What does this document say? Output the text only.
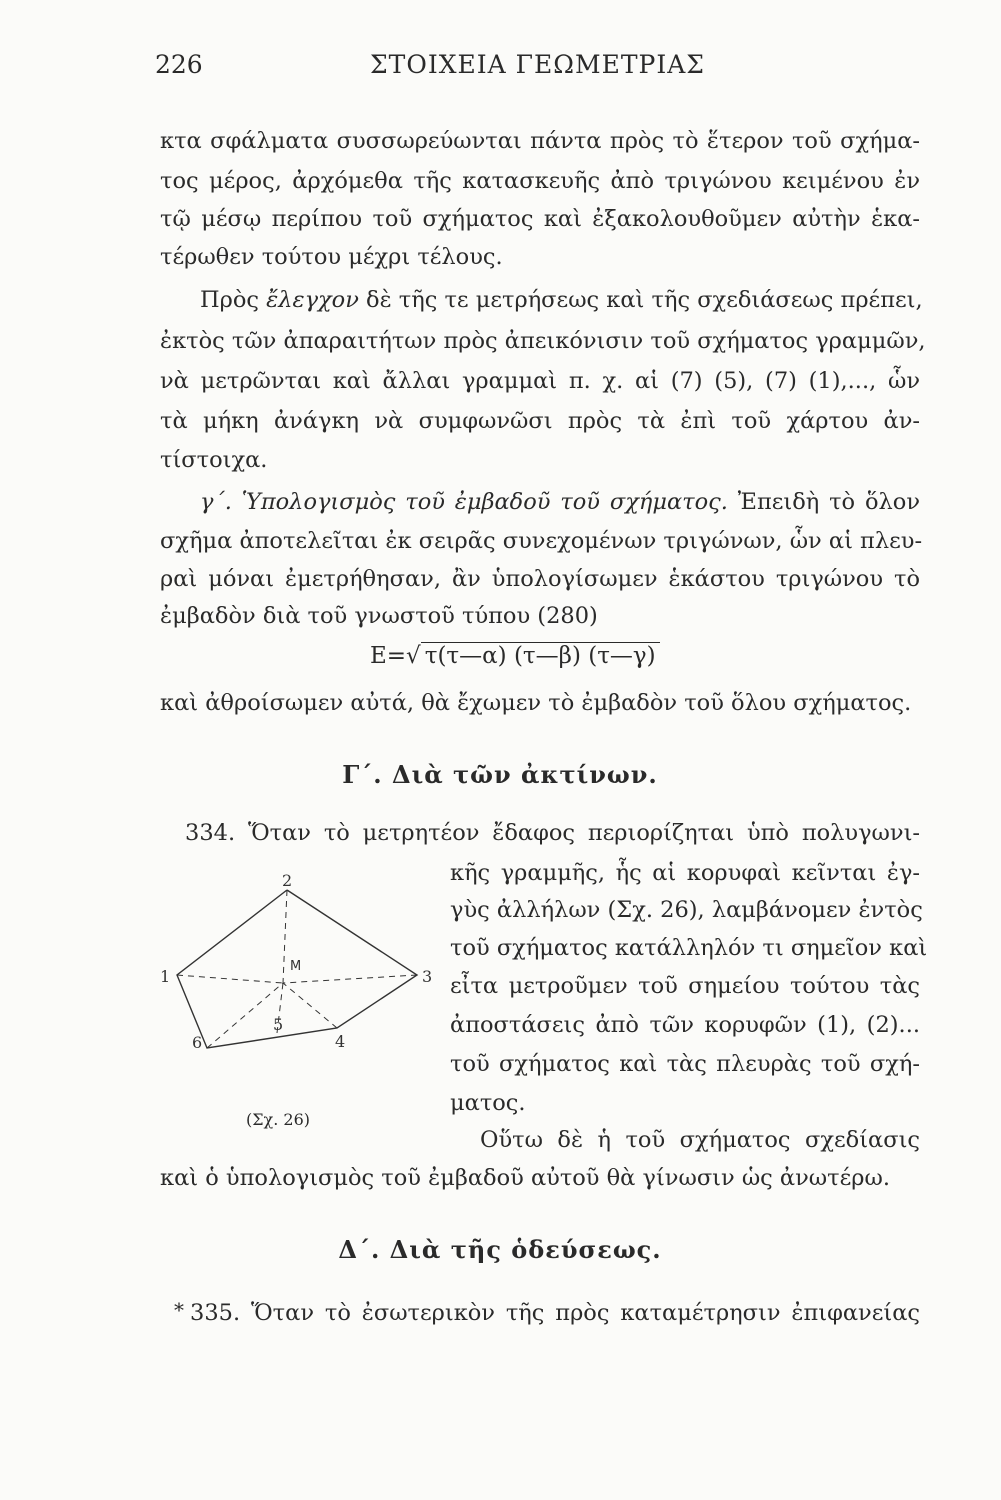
226	ΣΤΟΙΧΕΙΑ ΓΕΩΜΕΤΡΙΑΣ
κτα σφάλματα συσσωρεύωνται πάντα πρὸς τὸ ἕτερον τοῦ σχήμα-
τος μέρος, ἀρχόμεθα τῆς κατασκευῆς ἀπὸ τριγώνου κειμένου ἐν
τῷ μέσῳ περίπου τοῦ σχήματος καὶ ἐξακολουθοῦμεν αὐτὴν ἑκα-
τέρωθεν τούτου μέχρι τέλους.
Πρὸς ἔλεγχον δὲ τῆς τε μετρήσεως καὶ τῆς σχεδιάσεως πρέπει,
ἐκτὸς τῶν ἀπαραιτήτων πρὸς ἀπεικόνισιν τοῦ σχήματος γραμμῶν,
νὰ μετρῶνται καὶ ἄλλαι γραμμαὶ π. χ. αἱ (7) (5), (7) (1),..., ὧν
τὰ μήκη ἀνάγκη νὰ συμφωνῶσι πρὸς τὰ ἐπὶ τοῦ χάρτου ἀν-
τίστοιχα.
γ΄. Ὑπολογισμὸς τοῦ ἐμβαδοῦ τοῦ σχήματος. Ἐπειδὴ τὸ ὅλον
σχῆμα ἀποτελεῖται ἐκ σειρᾶς συνεχομένων τριγώνων, ὧν αἱ πλευ-
ραὶ μόναι ἐμετρήθησαν, ἂν ὑπολογίσωμεν ἑκάστου τριγώνου τὸ
ἐμβαδὸν διὰ τοῦ γνωστοῦ τύπου (280)
E=√ τ(τ—α) (τ—β) (τ—γ)
καὶ ἀθροίσωμεν αὐτά, θὰ ἔχωμεν τὸ ἐμβαδὸν τοῦ ὅλου σχήματος.
Γ΄. Διὰ τῶν ἀκτίνων.
334. Ὅταν τὸ μετρητέον ἔδαφος περιορίζηται ὑπὸ πολυγωνι-
κῆς γραμμῆς, ἧς αἱ κορυφαὶ κεῖνται ἐγ-
γὺς ἀλλήλων (Σχ. 26), λαμβάνομεν ἐντὸς
τοῦ σχήματος κατάλληλόν τι σημεῖον καὶ
εἶτα μετροῦμεν τοῦ σημείου τούτου τὰς
ἀποστάσεις ἀπὸ τῶν κορυφῶν (1), (2)...
τοῦ σχήματος καὶ τὰς πλευρὰς τοῦ σχή-
ματος.
Οὕτω δὲ ἡ τοῦ σχήματος σχεδίασις
καὶ ὁ ὑπολογισμὸς τοῦ ἐμβαδοῦ αὐτοῦ θὰ γίνωσιν ὡς ἀνωτέρω.
2
1	3
4
5
6
M
(Σχ. 26)
Δ΄. Διὰ τῆς ὁδεύσεως.
* 335. Ὅταν τὸ ἐσωτερικὸν τῆς πρὸς καταμέτρησιν ἐπιφανείας
